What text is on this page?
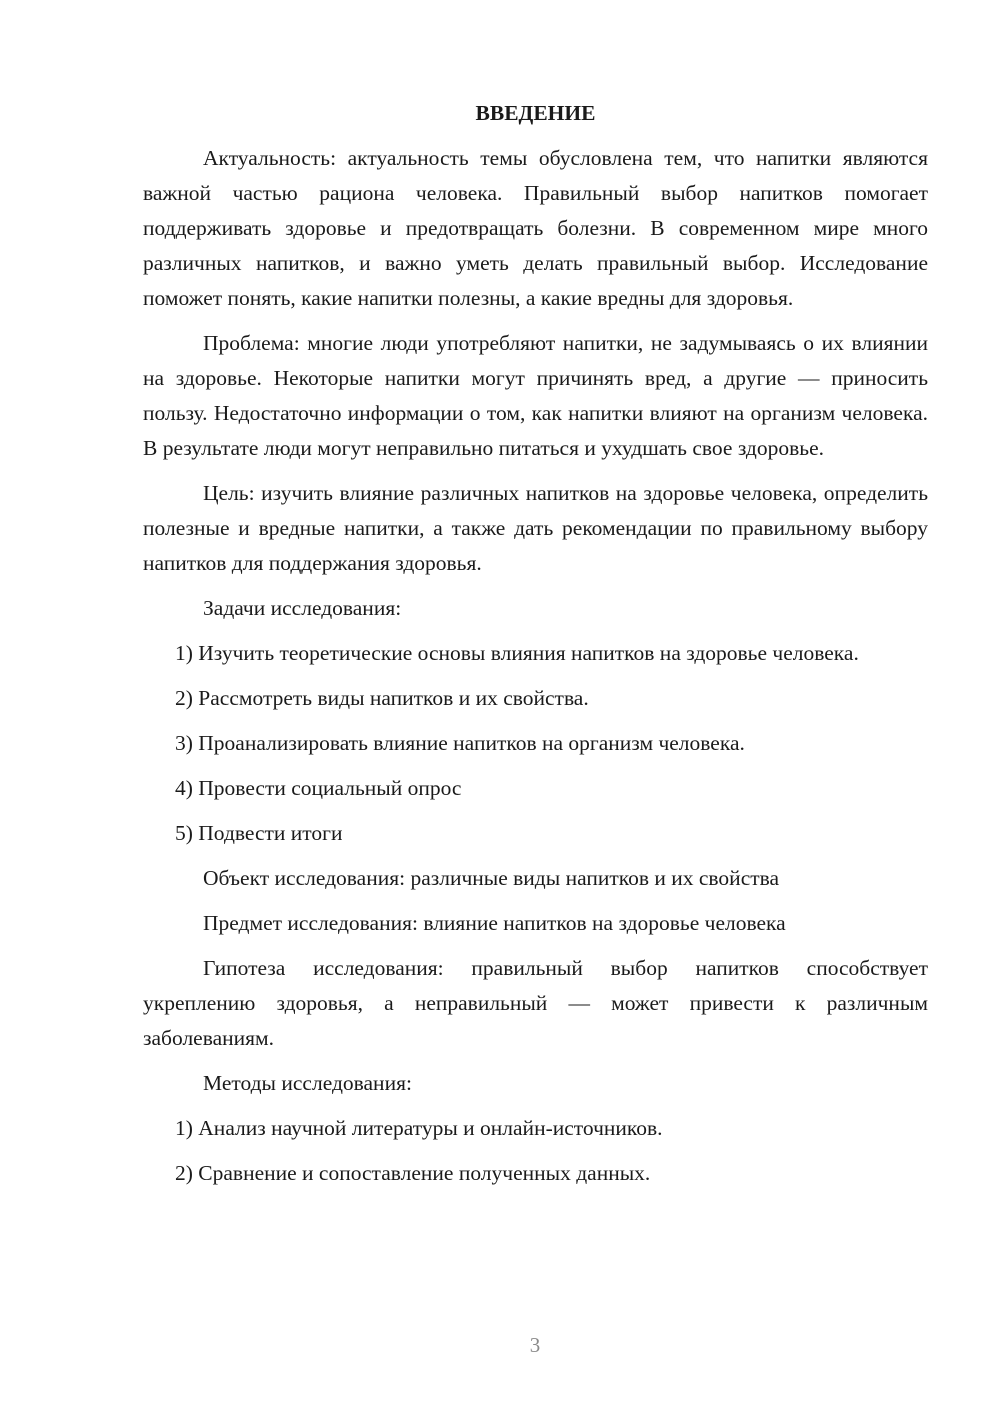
ВВЕДЕНИЕ
Актуальность: актуальность темы обусловлена тем, что напитки являются важной частью рациона человека. Правильный выбор напитков помогает поддерживать здоровье и предотвращать болезни. В современном мире много различных напитков, и важно уметь делать правильный выбор. Исследование поможет понять, какие напитки полезны, а какие вредны для здоровья.
Проблема: многие люди употребляют напитки, не задумываясь о их влиянии на здоровье. Некоторые напитки могут причинять вред, а другие — приносить пользу. Недостаточно информации о том, как напитки влияют на организм человека. В результате люди могут неправильно питаться и ухудшать свое здоровье.
Цель: изучить влияние различных напитков на здоровье человека, определить полезные и вредные напитки, а также дать рекомендации по правильному выбору напитков для поддержания здоровья.
Задачи исследования:
1) Изучить теоретические основы влияния напитков на здоровье человека.
2) Рассмотреть виды напитков и их свойства.
3) Проанализировать влияние напитков на организм человека.
4) Провести социальный опрос
5) Подвести итоги
Объект исследования: различные виды напитков и их свойства
Предмет исследования: влияние напитков на здоровье человека
Гипотеза исследования: правильный выбор напитков способствует укреплению здоровья, а неправильный — может привести к различным заболеваниям.
Методы исследования:
1) Анализ научной литературы и онлайн-источников.
2) Сравнение и сопоставление полученных данных.
3
